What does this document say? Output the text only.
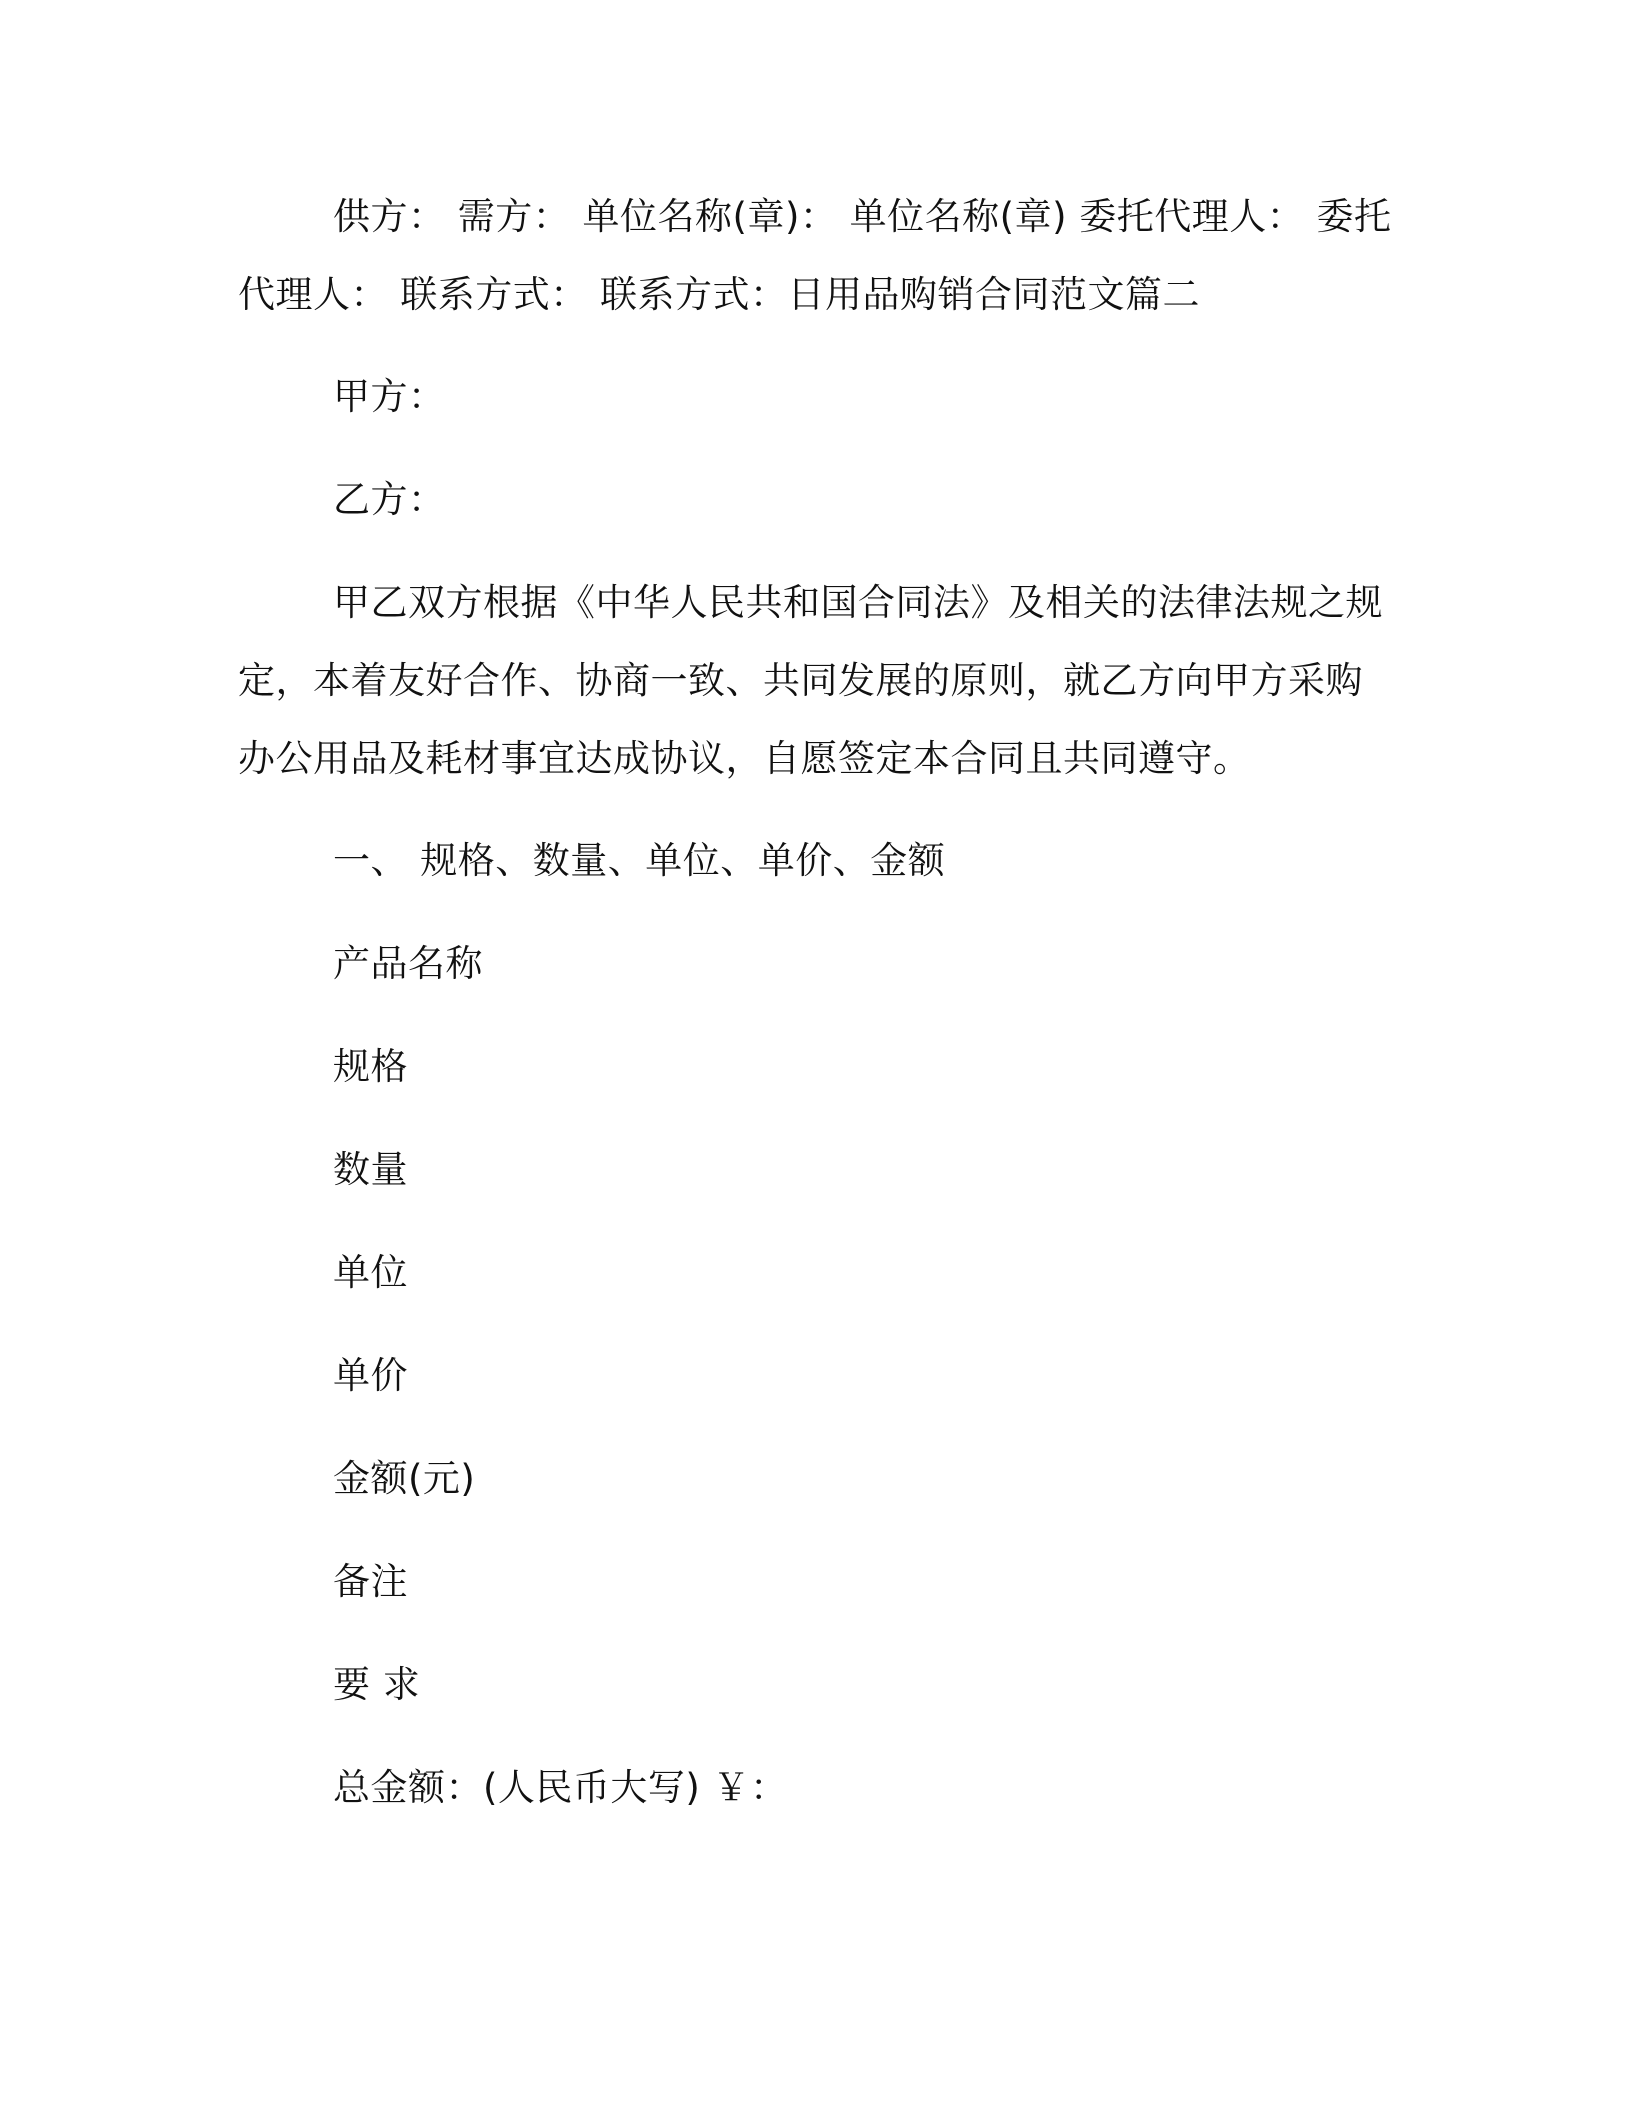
供方： 需方： 单位名称(章)： 单位名称(章) 委托代理人： 委托
代理人： 联系方式： 联系方式：日用品购销合同范文篇二
甲方：
乙方：
甲乙双方根据《中华人民共和国合同法》及相关的法律法规之规
定，本着友好合作、协商一致、共同发展的原则，就乙方向甲方采购
办公用品及耗材事宜达成协议，自愿签定本合同且共同遵守。
一、 规格、数量、单位、单价、金额
产品名称
规格
数量
单位
单价
金额(元)
备注
要 求
总金额：(人民币大写) ￥：
